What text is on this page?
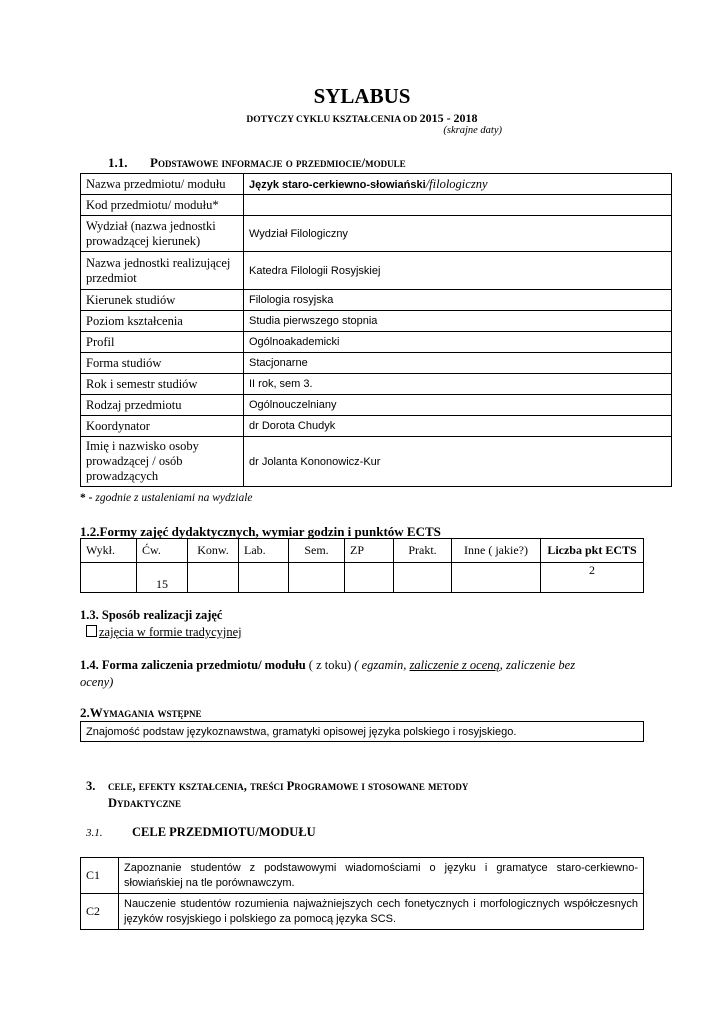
SYLABUS
DOTYCZY CYKLU KSZTAŁCENIA OD 2015 - 2018
(skrajne daty)
1.1. Podstawowe informacje o przedmiocie/module
Nazwa przedmiotu/ modułu	Język staro-cerkiewno-słowiański/filologiczny
Kod przedmiotu/ modułu*	
Wydział (nazwa jednostki prowadzącej kierunek)	Wydział Filologiczny
Nazwa jednostki realizującej przedmiot	Katedra Filologii Rosyjskiej
Kierunek studiów	Filologia rosyjska
Poziom kształcenia	Studia pierwszego stopnia
Profil	Ogólnoakademicki
Forma studiów	Stacjonarne
Rok i semestr studiów	II rok, sem 3.
Rodzaj przedmiotu	Ogólnouczelniany
Koordynator	dr Dorota Chudyk
Imię i nazwisko osoby prowadzącej / osób prowadzących	dr Jolanta Kononowicz-Kur
* - zgodnie z ustaleniami na wydziale
1.2.Formy zajęć dydaktycznych, wymiar godzin i punktów ECTS
Wykł.	Ćw.	Konw.	Lab.	Sem.	ZP	Prakt.	Inne ( jakie?)	Liczba pkt ECTS
	15							2
1.3. Sposób realizacji zajęć
zajęcia w formie tradycyjnej
1.4. Forma zaliczenia przedmiotu/ modułu ( z toku) ( egzamin, zaliczenie z oceną, zaliczenie bez
oceny)
2.Wymagania wstępne
Znajomość podstaw językoznawstwa, gramatyki opisowej języka polskiego i rosyjskiego.
3. cele, efekty kształcenia, treści Programowe i stosowane metody
Dydaktyczne
3.1. CELE PRZEDMIOTU/MODUŁU
C1	Zapoznanie studentów z podstawowymi wiadomościami o języku i gramatyce staro-cerkiewno-słowiańskiej na tle porównawczym.
C2	Nauczenie studentów rozumienia najważniejszych cech fonetycznych i morfologicznych współczesnych języków rosyjskiego i polskiego za pomocą języka SCS.
